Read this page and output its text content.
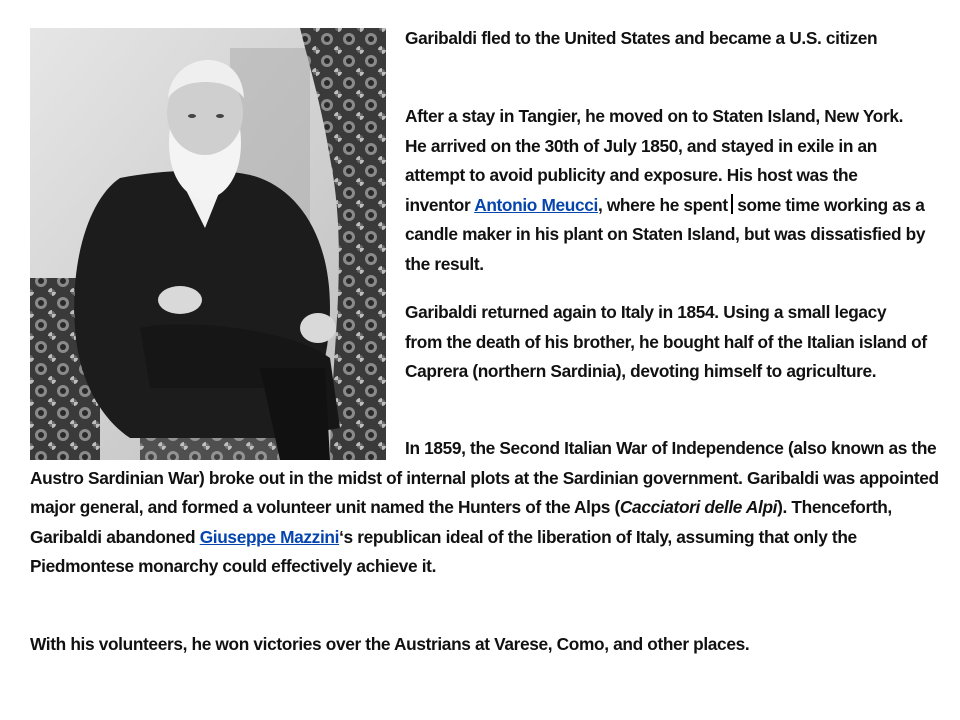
Garibaldi fled to the United States and became a U.S. citizen

After a stay in Tangier, he moved on to Staten Island, New York. He arrived on the 30th of July 1850, and stayed in exile in an attempt to avoid publicity and exposure. His host was the inventor Antonio Meucci, where he spent some time working as a candle maker in his plant on Staten Island, but was dissatisfied by the result.

Garibaldi returned again to Italy in 1854. Using a small legacy from the death of his brother, he bought half of the Italian island of Caprera (northern Sardinia), devoting himself to agriculture.

In 1859, the Second Italian War of Independence (also known as the Austro Sardinian War) broke out in the midst of internal plots at the Sardinian government. Garibaldi was appointed major general, and formed a volunteer unit named the Hunters of the Alps (Cacciatori delle Alpi). Thenceforth, Garibaldi abandoned Giuseppe Mazzini‘s republican ideal of the liberation of Italy, assuming that only the Piedmontese monarchy could effectively achieve it.

With his volunteers, he won victories over the Austrians at Varese, Como, and other places.
